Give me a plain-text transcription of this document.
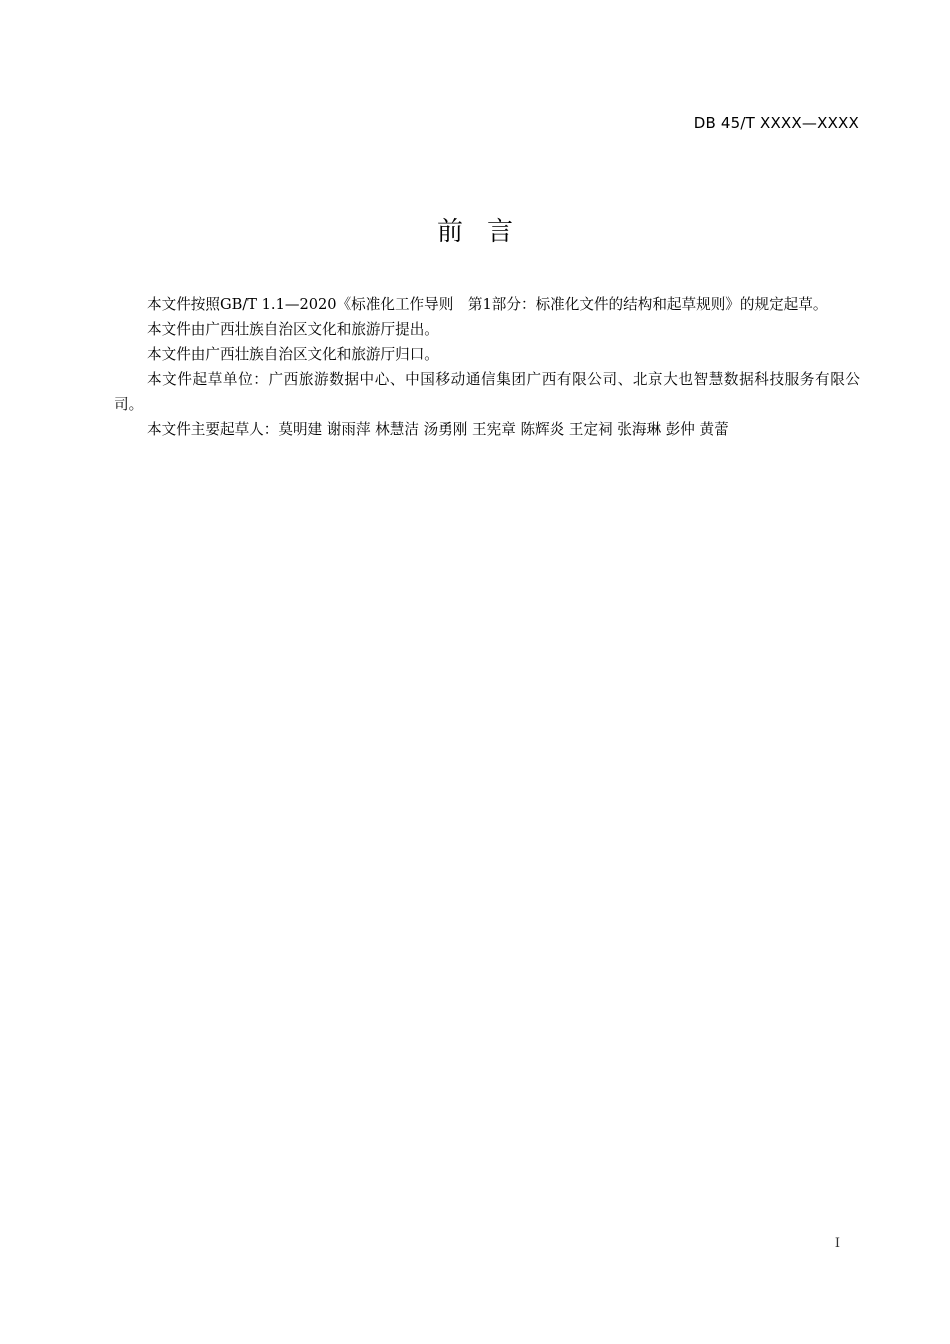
DB 45/T XXXX—XXXX
前言

本文件按照GB/T 1.1—2020《标准化工作导则　第1部分：标准化文件的结构和起草规则》的规定起草。

本文件由广西壮族自治区文化和旅游厅提出。

本文件由广西壮族自治区文化和旅游厅归口。

本文件起草单位：广西旅游数据中心、中国移动通信集团广西有限公司、北京大也智慧数据科技服务有限公司。

本文件主要起草人：莫明建 谢雨萍 林慧洁 汤勇刚 王宪章 陈辉炎 王定祠 张海琳 彭仲 黄蕾

I
